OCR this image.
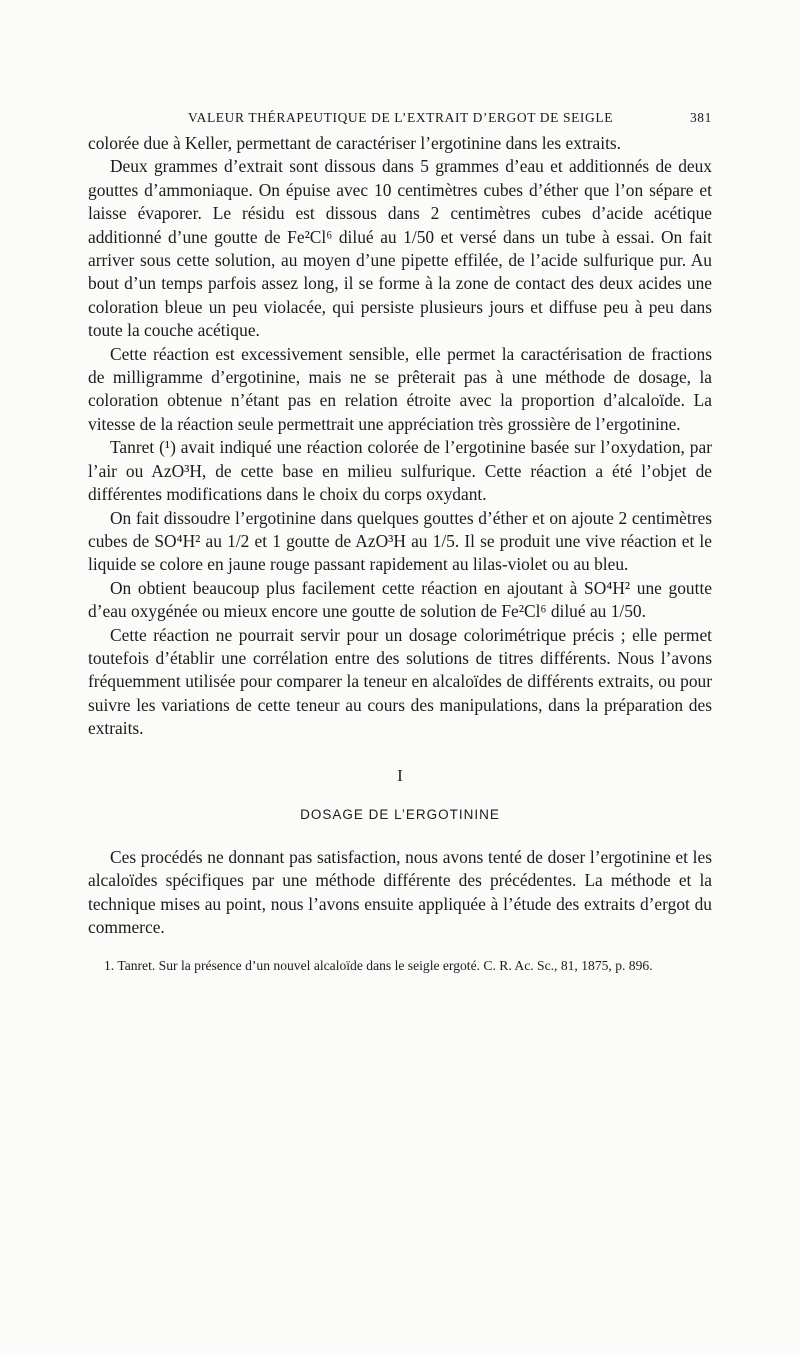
VALEUR THÉRAPEUTIQUE DE L’EXTRAIT D’ERGOT DE SEIGLE	381

colorée due à Keller, permettant de caractériser l’ergotinine dans les extraits.

Deux grammes d’extrait sont dissous dans 5 grammes d’eau et additionnés de deux gouttes d’ammoniaque. On épuise avec 10 centimètres cubes d’éther que l’on sépare et laisse évaporer. Le résidu est dissous dans 2 centimètres cubes d’acide acétique additionné d’une goutte de Fe²Cl⁶ dilué au 1/50 et versé dans un tube à essai. On fait arriver sous cette solution, au moyen d’une pipette effilée, de l’acide sulfurique pur. Au bout d’un temps parfois assez long, il se forme à la zone de contact des deux acides une coloration bleue un peu violacée, qui persiste plusieurs jours et diffuse peu à peu dans toute la couche acétique.

Cette réaction est excessivement sensible, elle permet la caractérisation de fractions de milligramme d’ergotinine, mais ne se prêterait pas à une méthode de dosage, la coloration obtenue n’étant pas en relation étroite avec la proportion d’alcaloïde. La vitesse de la réaction seule permettrait une appréciation très grossière de l’ergotinine.

Tanret (¹) avait indiqué une réaction colorée de l’ergotinine basée sur l’oxydation, par l’air ou AzO³H, de cette base en milieu sulfurique. Cette réaction a été l’objet de différentes modifications dans le choix du corps oxydant.

On fait dissoudre l’ergotinine dans quelques gouttes d’éther et on ajoute 2 centimètres cubes de SO⁴H² au 1/2 et 1 goutte de AzO³H au 1/5. Il se produit une vive réaction et le liquide se colore en jaune rouge passant rapidement au lilas-violet ou au bleu.

On obtient beaucoup plus facilement cette réaction en ajoutant à SO⁴H² une goutte d’eau oxygénée ou mieux encore une goutte de solution de Fe²Cl⁶ dilué au 1/50.

Cette réaction ne pourrait servir pour un dosage colorimétrique précis ; elle permet toutefois d’établir une corrélation entre des solutions de titres différents. Nous l’avons fréquemment utilisée pour comparer la teneur en alcaloïdes de différents extraits, ou pour suivre les variations de cette teneur au cours des manipulations, dans la préparation des extraits.

I
DOSAGE DE L’ERGOTININE

Ces procédés ne donnant pas satisfaction, nous avons tenté de doser l’ergotinine et les alcaloïdes spécifiques par une méthode différente des précédentes. La méthode et la technique mises au point, nous l’avons ensuite appliquée à l’étude des extraits d’ergot du commerce.

1. Tanret. Sur la présence d’un nouvel alcaloïde dans le seigle ergoté. C. R. Ac. Sc., 81, 1875, p. 896.
